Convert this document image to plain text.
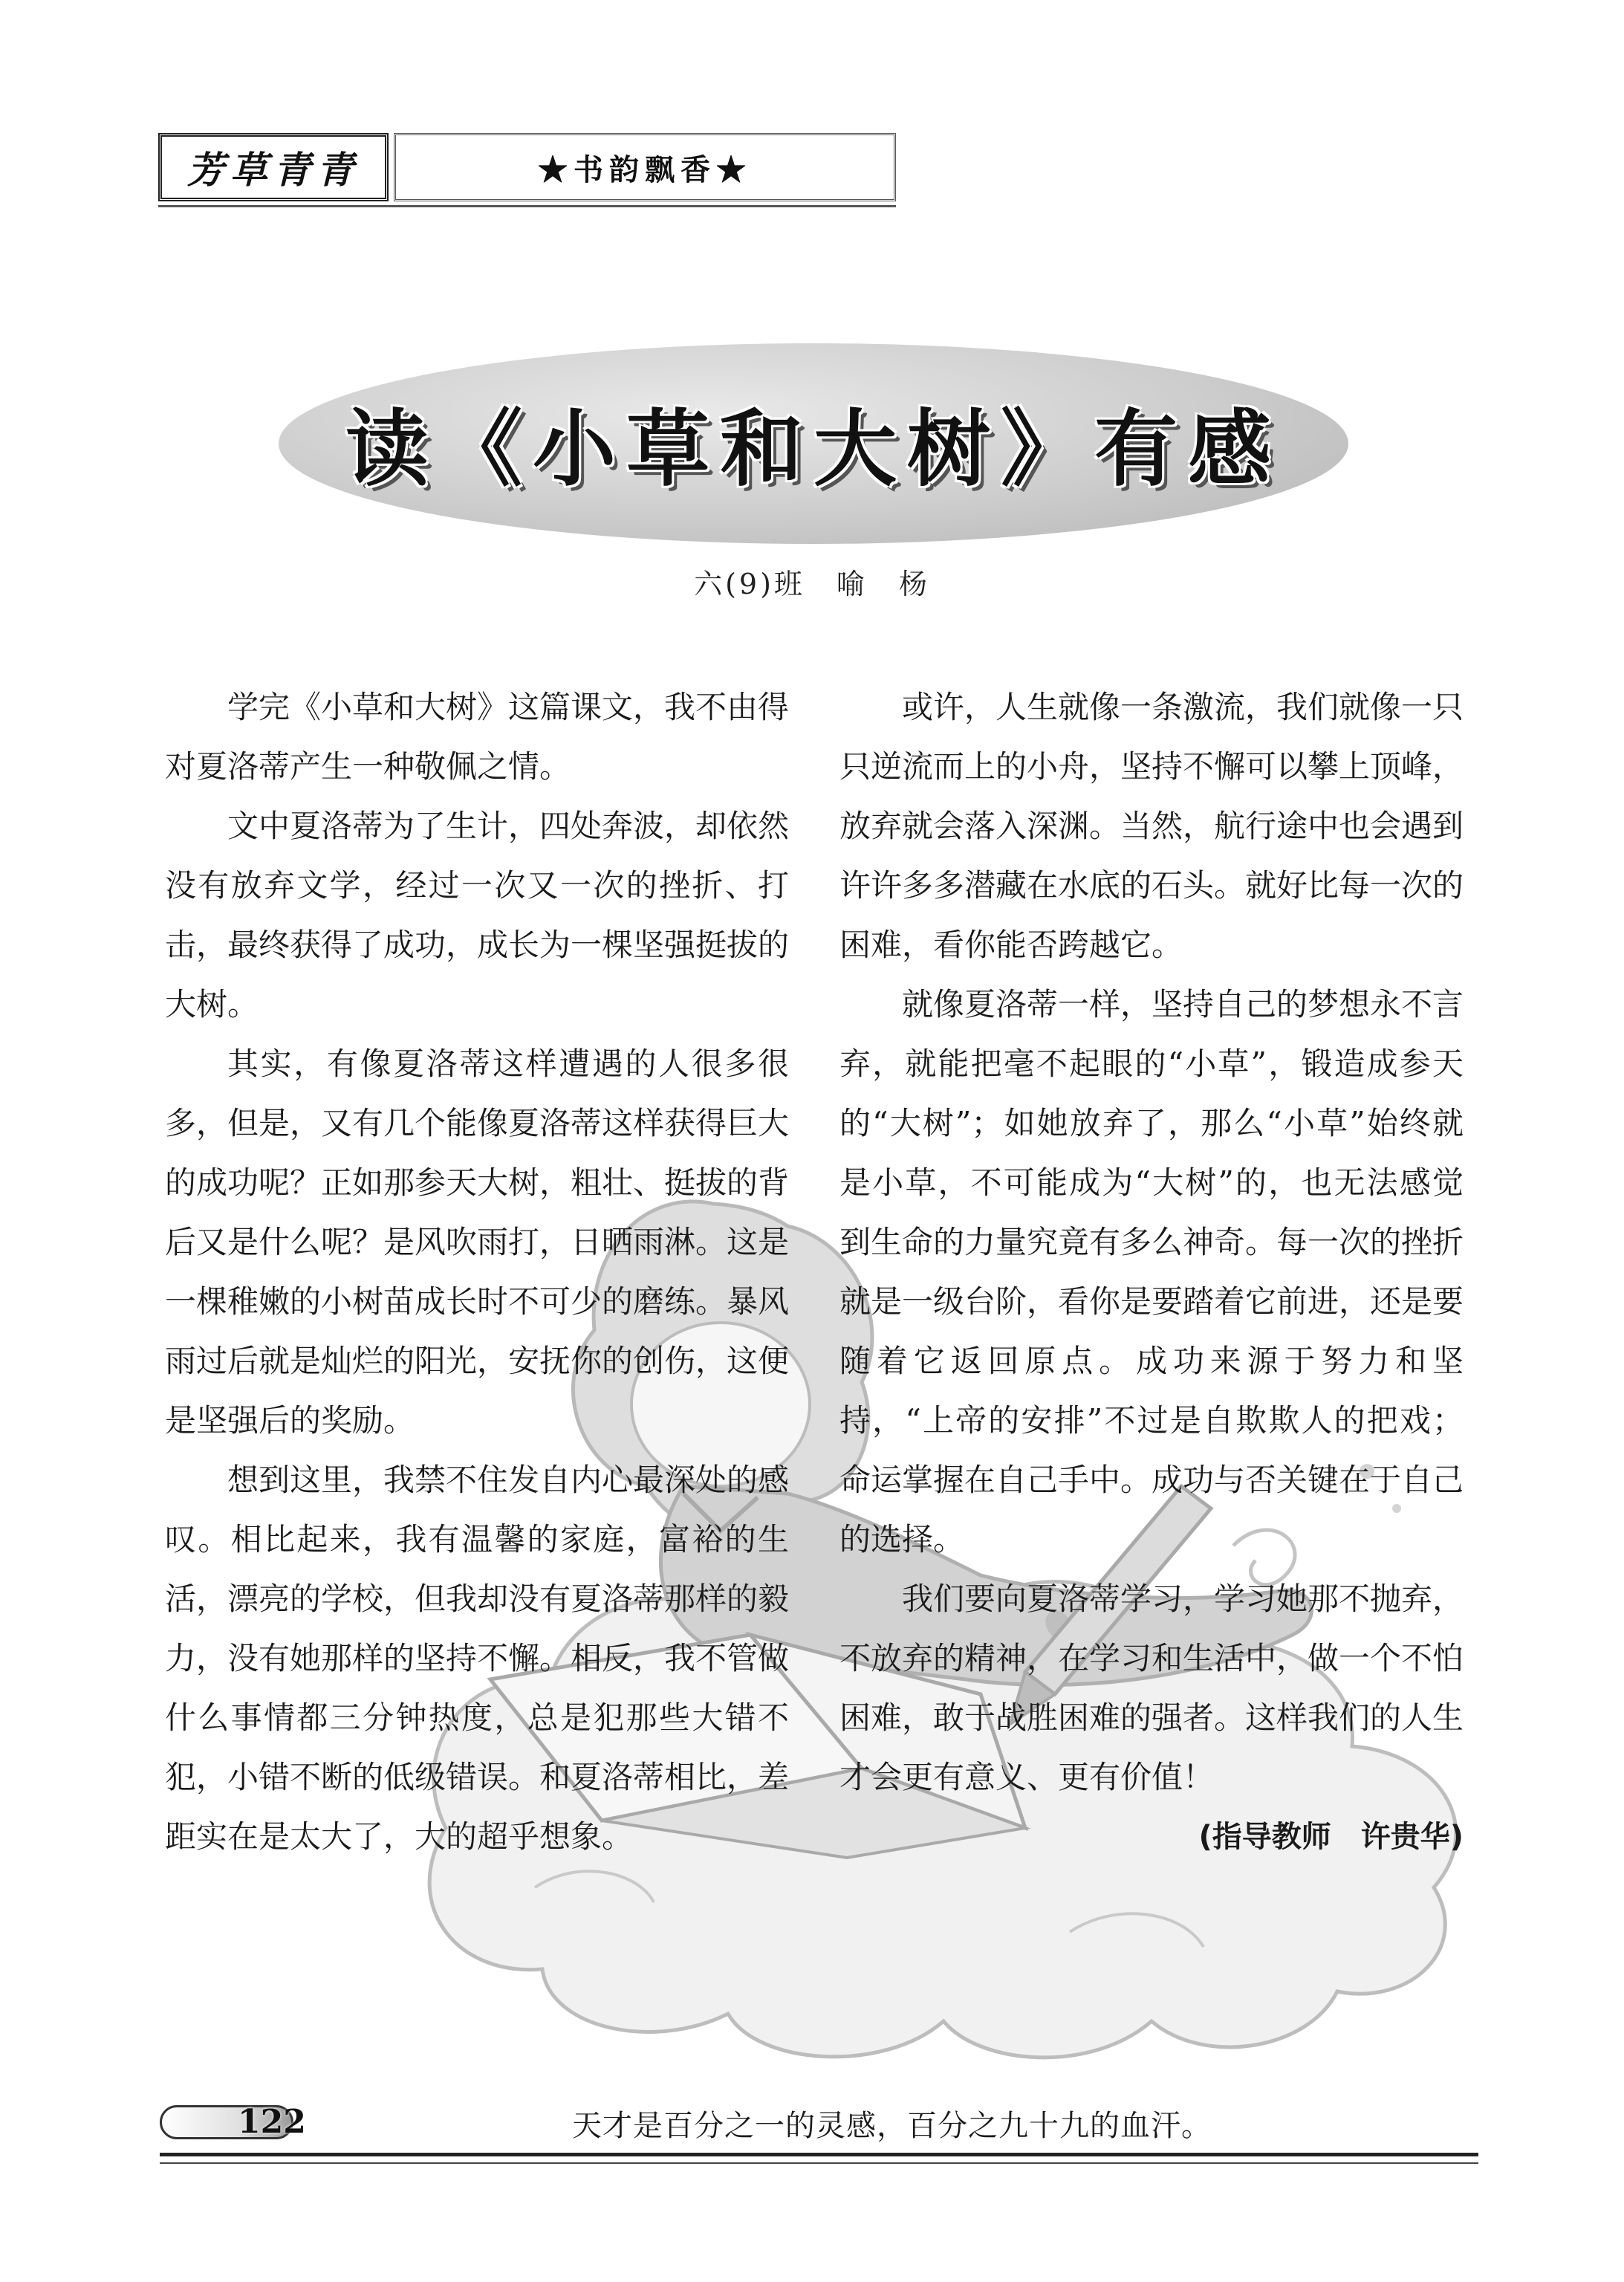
芳草青青	★书韵飘香★
读《小草和大树》有感
六(9)班　喻　杨

学完《小草和大树》这篇课文，我不由得对夏洛蒂产生一种敬佩之情。

文中夏洛蒂为了生计，四处奔波，却依然没有放弃文学，经过一次又一次的挫折、打击，最终获得了成功，成长为一棵坚强挺拔的大树。

其实，有像夏洛蒂这样遭遇的人很多很多，但是，又有几个能像夏洛蒂这样获得巨大的成功呢？正如那参天大树，粗壮、挺拔的背后又是什么呢？是风吹雨打，日晒雨淋。这是一棵稚嫩的小树苗成长时不可少的磨练。暴风雨过后就是灿烂的阳光，安抚你的创伤，这便是坚强后的奖励。

想到这里，我禁不住发自内心最深处的感叹。相比起来，我有温馨的家庭，富裕的生活，漂亮的学校，但我却没有夏洛蒂那样的毅力，没有她那样的坚持不懈。相反，我不管做什么事情都三分钟热度，总是犯那些大错不犯，小错不断的低级错误。和夏洛蒂相比，差距实在是太大了，大的超乎想象。

或许，人生就像一条激流，我们就像一只只逆流而上的小舟，坚持不懈可以攀上顶峰，放弃就会落入深渊。当然，航行途中也会遇到许许多多潜藏在水底的石头。就好比每一次的困难，看你能否跨越它。

就像夏洛蒂一样，坚持自己的梦想永不言弃，就能把毫不起眼的“小草”，锻造成参天的“大树”；如她放弃了，那么“小草”始终就是小草，不可能成为“大树”的，也无法感觉到生命的力量究竟有多么神奇。每一次的挫折就是一级台阶，看你是要踏着它前进，还是要随着它返回原点。成功来源于努力和坚持，“上帝的安排”不过是自欺欺人的把戏；命运掌握在自己手中。成功与否关键在于自己的选择。

我们要向夏洛蒂学习，学习她那不抛弃，不放弃的精神，在学习和生活中，做一个不怕困难，敢于战胜困难的强者。这样我们的人生才会更有意义、更有价值！

(指导教师　许贵华)
122	天才是百分之一的灵感，百分之九十九的血汗。
